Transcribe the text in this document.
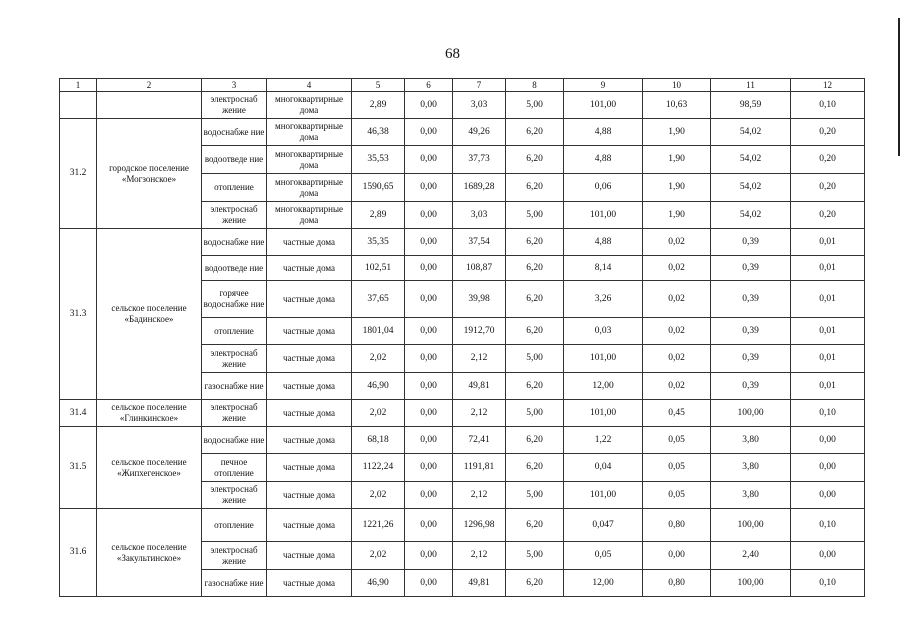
68
1	2	3	4	5	6	7	8	9	10	11	12
		электроснаб жение	многоквартирные дома	2,89	0,00	3,03	5,00	101,00	10,63	98,59	0,10
31.2	городское поселение «Могзонское»	водоснабже ние	многоквартирные дома	46,38	0,00	49,26	6,20	4,88	1,90	54,02	0,20
		водоотведе ние	многоквартирные дома	35,53	0,00	37,73	6,20	4,88	1,90	54,02	0,20
		отопление	многоквартирные дома	1590,65	0,00	1689,28	6,20	0,06	1,90	54,02	0,20
		электроснаб жение	многоквартирные дома	2,89	0,00	3,03	5,00	101,00	1,90	54,02	0,20
31.3	сельское поселение «Бадинское»	водоснабже ние	частные дома	35,35	0,00	37,54	6,20	4,88	0,02	0,39	0,01
		водоотведе ние	частные дома	102,51	0,00	108,87	6,20	8,14	0,02	0,39	0,01
		горячее водоснабже ние	частные дома	37,65	0,00	39,98	6,20	3,26	0,02	0,39	0,01
		отопление	частные дома	1801,04	0,00	1912,70	6,20	0,03	0,02	0,39	0,01
		электроснаб жение	частные дома	2,02	0,00	2,12	5,00	101,00	0,02	0,39	0,01
		газоснабже ние	частные дома	46,90	0,00	49,81	6,20	12,00	0,02	0,39	0,01
31.4	сельское поселение «Глинкинское»	электроснаб жение	частные дома	2,02	0,00	2,12	5,00	101,00	0,45	100,00	0,10
31.5	сельское поселение «Жипхегенское»	водоснабже ние	частные дома	68,18	0,00	72,41	6,20	1,22	0,05	3,80	0,00
		печное отопление	частные дома	1122,24	0,00	1191,81	6,20	0,04	0,05	3,80	0,00
		электроснаб жение	частные дома	2,02	0,00	2,12	5,00	101,00	0,05	3,80	0,00
31.6	сельское поселение «Закультинское»	отопление	частные дома	1221,26	0,00	1296,98	6,20	0,047	0,80	100,00	0,10
		электроснаб жение	частные дома	2,02	0,00	2,12	5,00	0,05	0,00	2,40	0,00
		газоснабже ние	частные дома	46,90	0,00	49,81	6,20	12,00	0,80	100,00	0,10
